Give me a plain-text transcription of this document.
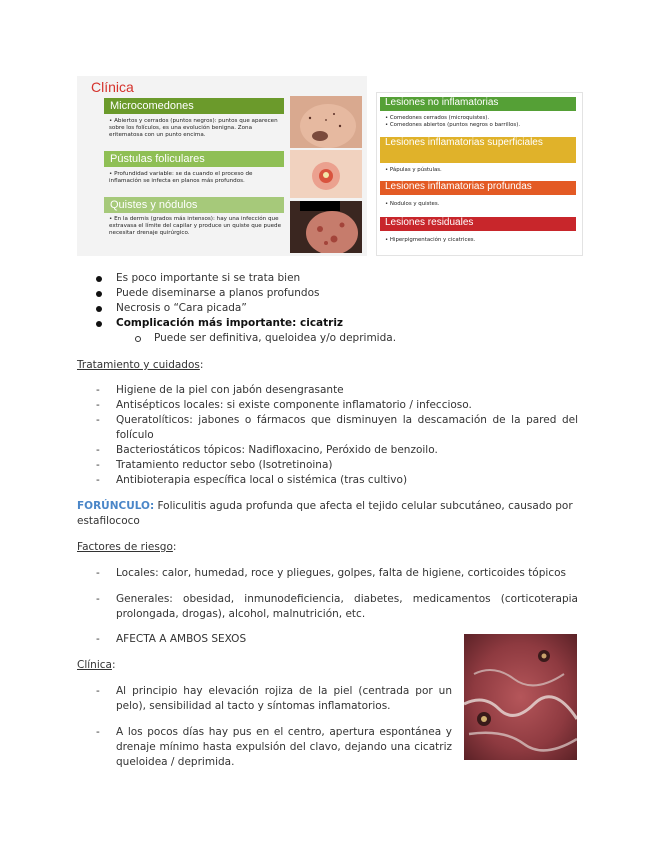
Clínica
Microcomedones
• Abiertos y cerrados (puntos negros): puntos que aparecen sobre los folículos, es una evolución benigna. Zona eritematosa con un punto encima.
Pústulas foliculares
• Profundidad variable: se da cuando el proceso de inflamación se infecta en planos más profundos.
Quistes y nódulos
• En la dermis (grados más intensos): hay una infección que extravasa el límite del capilar y produce un quiste que puede necesitar drenaje quirúrgico.
Lesiones no inflamatorias
• Comedones cerrados (microquistes).
• Comedones abiertos (puntos negros o barrillos).
Lesiones inflamatorias superficiales
• Pápulas y pústulas.
Lesiones inflamatorias profundas
• Nodulos y quistes.
Lesiones residuales
• Hiperpigmentación y cicatrices.
Es poco importante si se trata bien
Puede diseminarse a planos profundos
Necrosis o “Cara picada”
Complicación más importante: cicatriz
Puede ser definitiva, queloidea y/o deprimida.
Tratamiento y cuidados:
- Higiene de la piel con jabón desengrasante
- Antisépticos locales: si existe componente inflamatorio / infeccioso.
- Queratolíticos: jabones o fármacos que disminuyen la descamación de la pared del
folículo
- Bacteriostáticos tópicos: Nadifloxacino, Peróxido de benzoilo.
- Tratamiento reductor sebo (Isotretinoina)
- Antibioterapia específica local o sistémica (tras cultivo)
FORÚNCULO: Foliculitis aguda profunda que afecta el tejido celular subcutáneo, causado por
estafilococo
Factores de riesgo:
- Locales: calor, humedad, roce y pliegues, golpes, falta de higiene, corticoides tópicos
- Generales: obesidad, inmunodeficiencia, diabetes, medicamentos (corticoterapia
prolongada, drogas), alcohol, malnutrición, etc.
- AFECTA A AMBOS SEXOS
Clínica:
- Al principio hay elevación rojiza de la piel (centrada por un
pelo), sensibilidad al tacto y síntomas inflamatorios.
- A los pocos días hay pus en el centro, apertura espontánea y
drenaje mínimo hasta expulsión del clavo, dejando una cicatriz
queloidea / deprimida.
